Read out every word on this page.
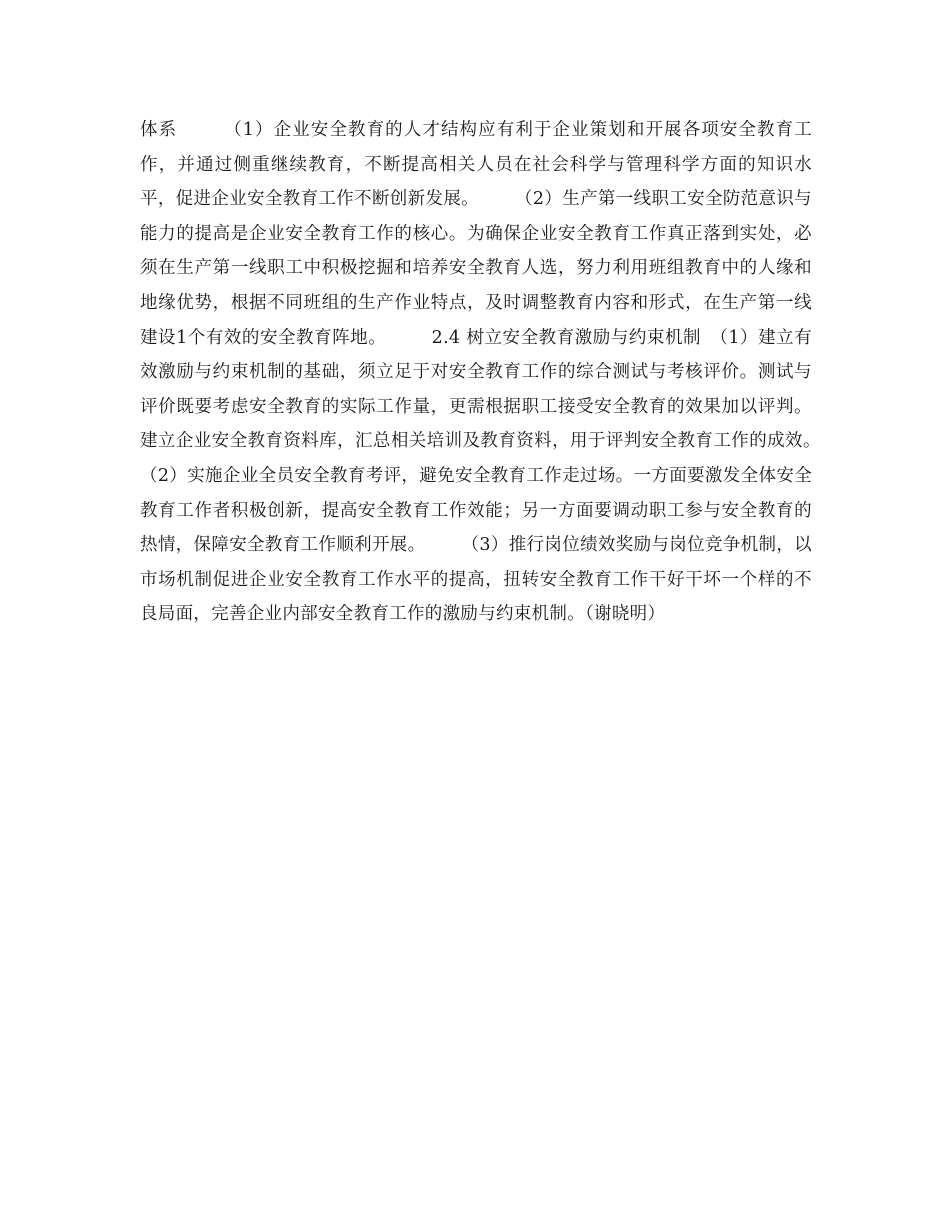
体系　　　（1）企业安全教育的人才结构应有利于企业策划和开展各项安全教育工作，并通过侧重继续教育，不断提高相关人员在社会科学与管理科学方面的知识水平，促进企业安全教育工作不断创新发展。　　　（2）生产第一线职工安全防范意识与能力的提高是企业安全教育工作的核心。为确保企业安全教育工作真正落到实处，必须在生产第一线职工中积极挖掘和培养安全教育人选，努力利用班组教育中的人缘和地缘优势，根据不同班组的生产作业特点，及时调整教育内容和形式，在生产第一线建设1个有效的安全教育阵地。　　　2.4 树立安全教育激励与约束机制　（1）建立有效激励与约束机制的基础，须立足于对安全教育工作的综合测试与考核评价。测试与评价既要考虑安全教育的实际工作量，更需根据职工接受安全教育的效果加以评判。建立企业安全教育资料库，汇总相关培训及教育资料，用于评判安全教育工作的成效。　　　（2）实施企业全员安全教育考评，避免安全教育工作走过场。一方面要激发全体安全教育工作者积极创新，提高安全教育工作效能；另一方面要调动职工参与安全教育的热情，保障安全教育工作顺利开展。　　　（3）推行岗位绩效奖励与岗位竞争机制，以市场机制促进企业安全教育工作水平的提高，扭转安全教育工作干好干坏一个样的不良局面，完善企业内部安全教育工作的激励与约束机制。（谢晓明）
